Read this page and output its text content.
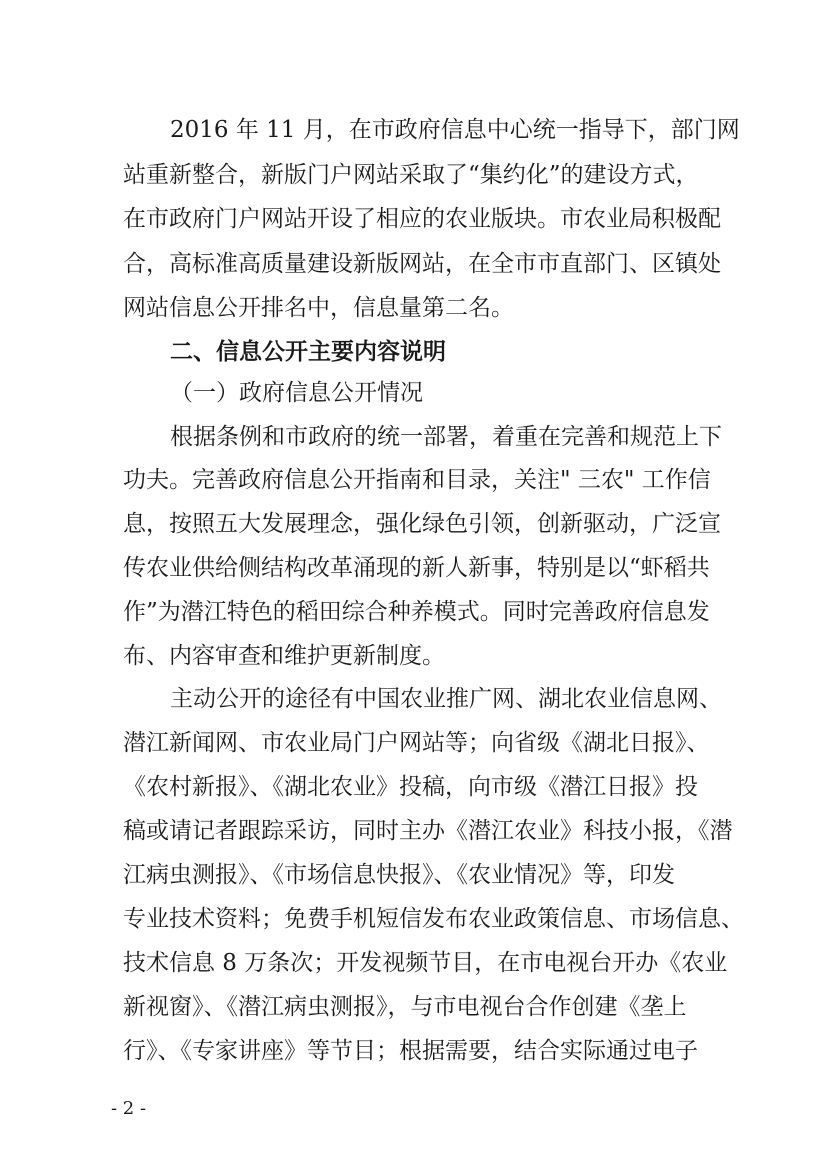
2016 年 11 月，在市政府信息中心统一指导下，部门网
站重新整合，新版门户网站采取了“集约化”的建设方式，
在市政府门户网站开设了相应的农业版块。市农业局积极配
合，高标准高质量建设新版网站，在全市市直部门、区镇处
网站信息公开排名中，信息量第二名。
二、信息公开主要内容说明
（一）政府信息公开情况
根据条例和市政府的统一部署，着重在完善和规范上下
功夫。完善政府信息公开指南和目录，关注" 三农" 工作信
息，按照五大发展理念，强化绿色引领，创新驱动，广泛宣
传农业供给侧结构改革涌现的新人新事，特别是以“虾稻共
作”为潜江特色的稻田综合种养模式。同时完善政府信息发
布、内容审查和维护更新制度。
主动公开的途径有中国农业推广网、湖北农业信息网、
潜江新闻网、市农业局门户网站等；向省级《湖北日报》、
《农村新报》、《湖北农业》投稿，向市级《潜江日报》投
稿或请记者跟踪采访，同时主办《潜江农业》科技小报，《潜
江病虫测报》、《市场信息快报》、《农业情况》等，印发
专业技术资料；免费手机短信发布农业政策信息、市场信息、
技术信息 8 万条次；开发视频节目，在市电视台开办《农业
新视窗》、《潜江病虫测报》，与市电视台合作创建《垄上
行》、《专家讲座》等节目；根据需要，结合实际通过电子
- 2 -
